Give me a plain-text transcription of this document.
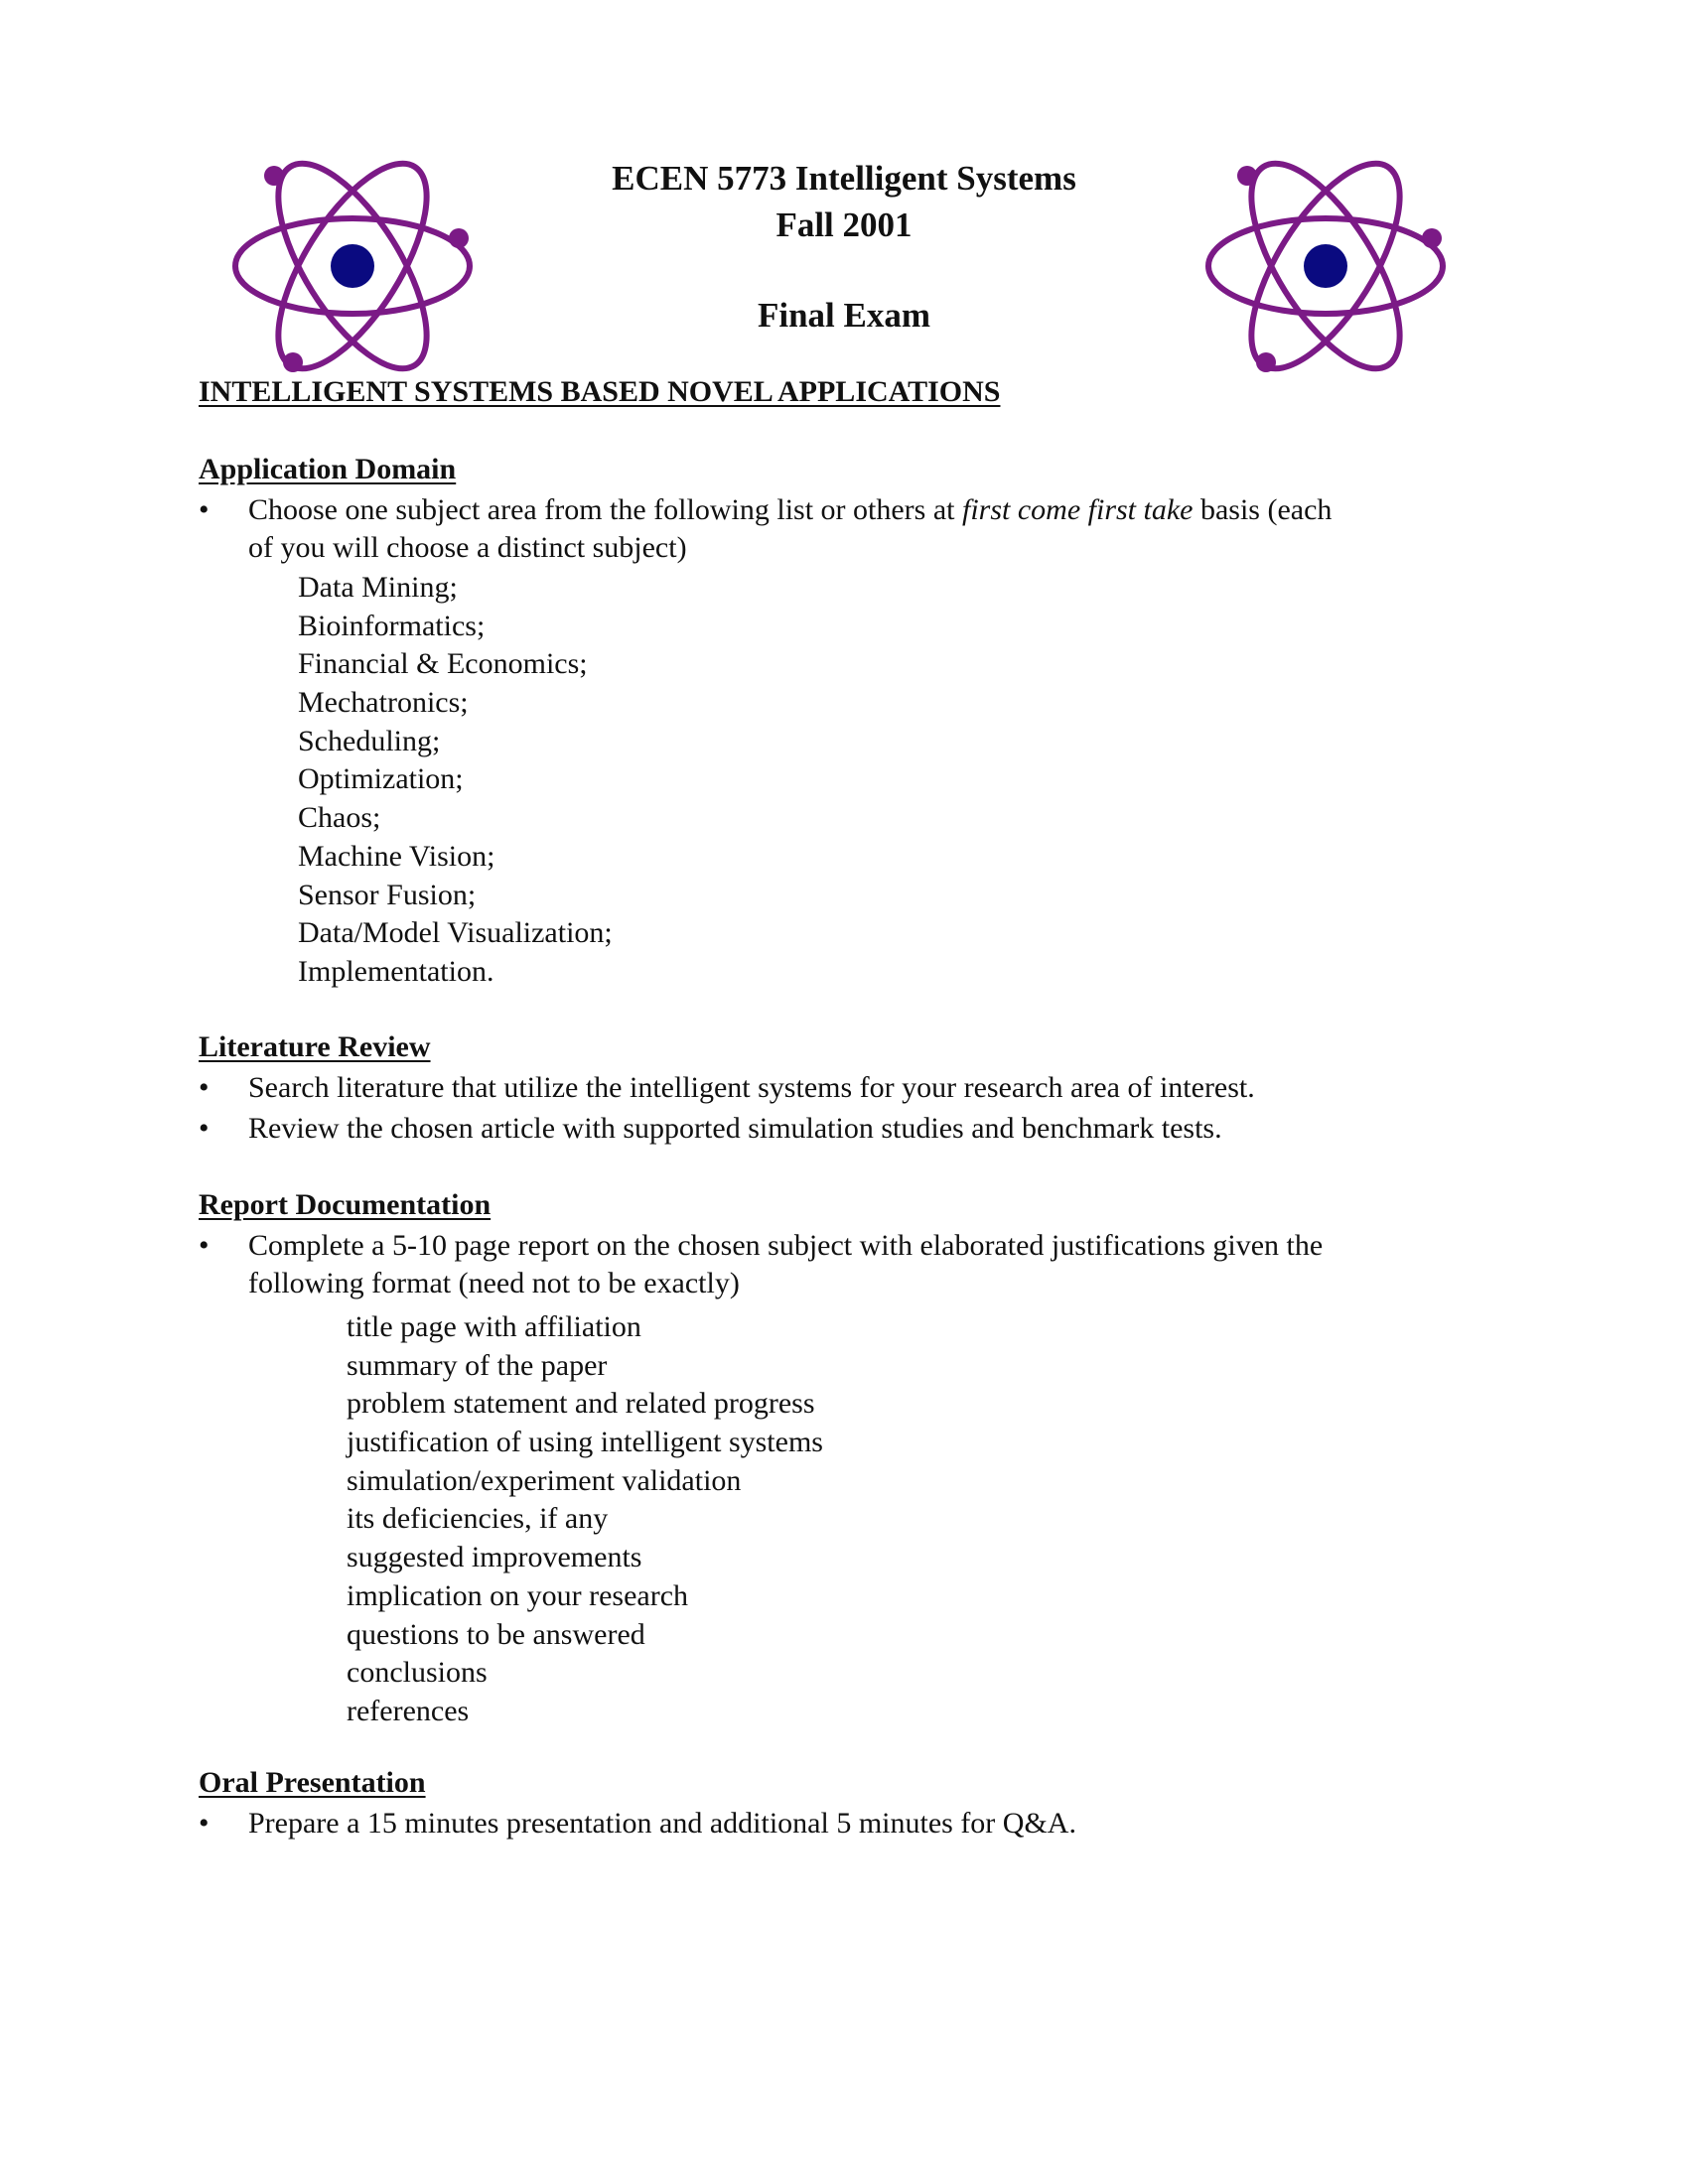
ECEN 5773 Intelligent Systems
Fall 2001
Final Exam
INTELLIGENT SYSTEMS BASED NOVEL APPLICATIONS
Application Domain
•	Choose one subject area from the following list or others at first come first take basis (each
of you will choose a distinct subject)
Data Mining;
Bioinformatics;
Financial & Economics;
Mechatronics;
Scheduling;
Optimization;
Chaos;
Machine Vision;
Sensor Fusion;
Data/Model Visualization;
Implementation.
Literature Review
•	Search literature that utilize the intelligent systems for your research area of interest.
•	Review the chosen article with supported simulation studies and benchmark tests.
Report Documentation
•	Complete a 5-10 page report on the chosen subject with elaborated justifications given the
following format (need not to be exactly)
title page with affiliation
summary of the paper
problem statement and related progress
justification of using intelligent systems
simulation/experiment validation
its deficiencies, if any
suggested improvements
implication on your research
questions to be answered
conclusions
references
Oral Presentation
•	Prepare a 15 minutes presentation and additional 5 minutes for Q&A.
